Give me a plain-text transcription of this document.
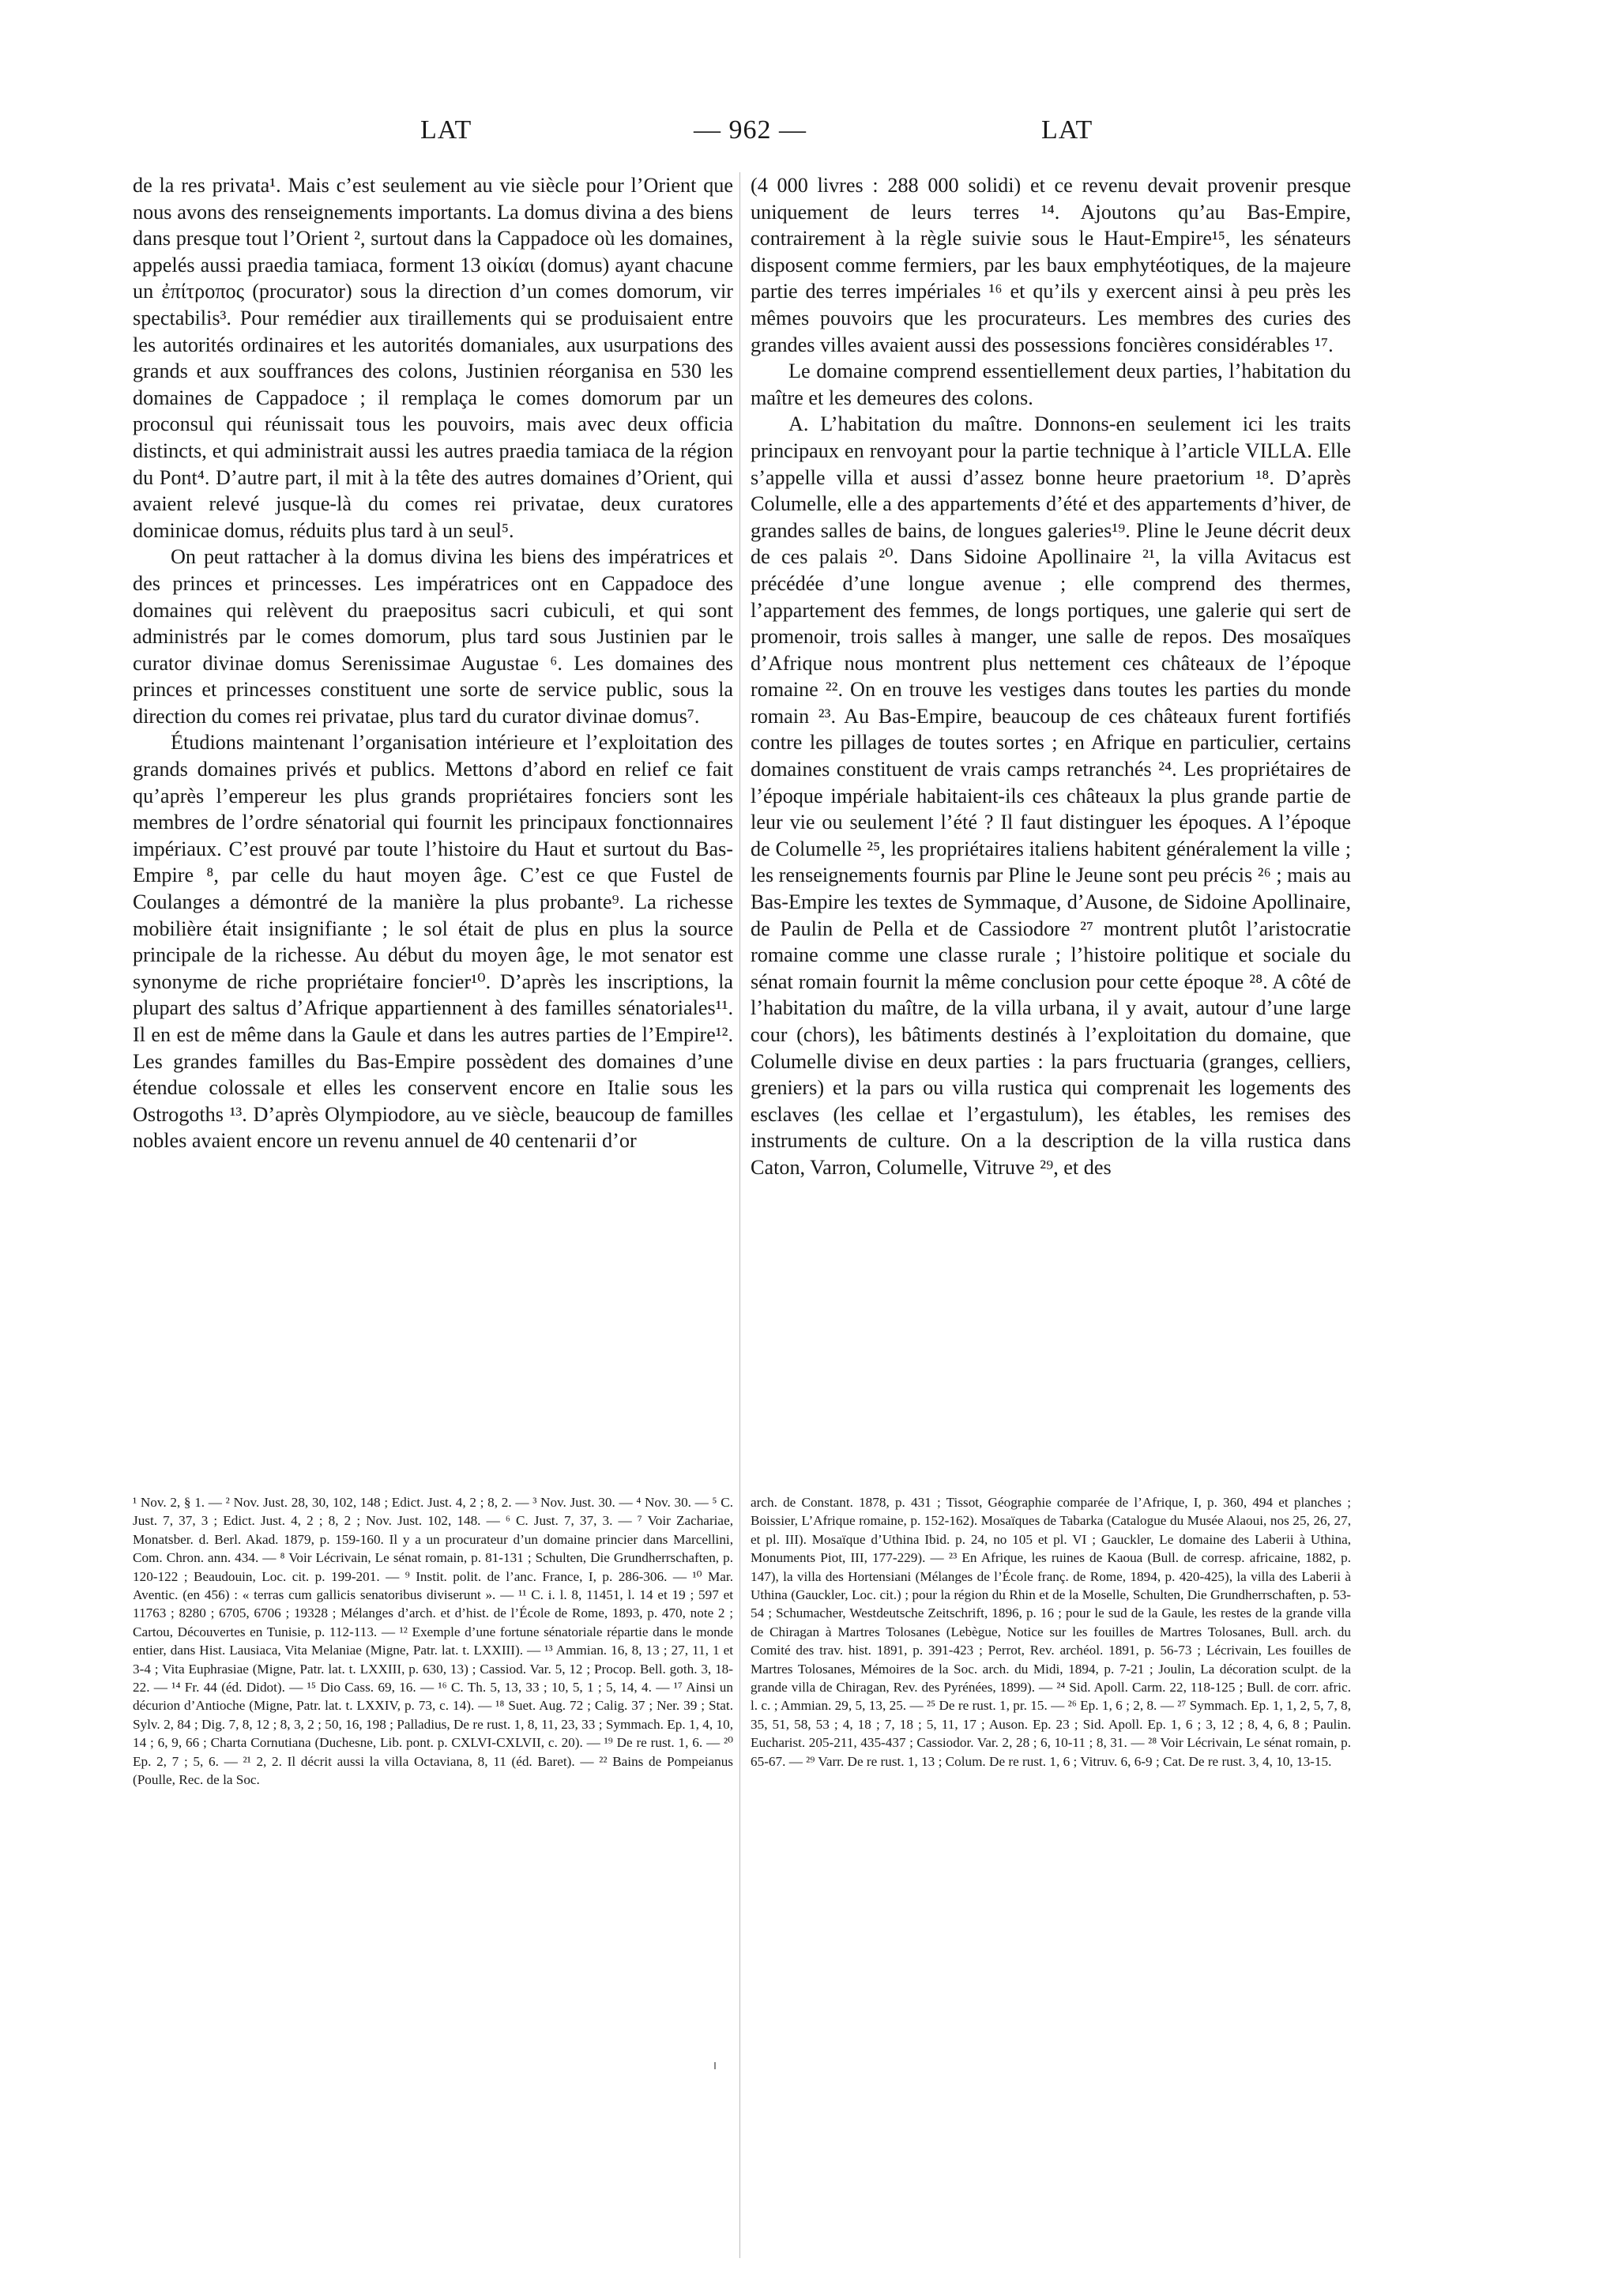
LAT	— 962 —	LAT

de la res privata¹. Mais c’est seulement au vie siècle pour l’Orient que nous avons des renseignements importants. La domus divina a des biens dans presque tout l’Orient ², surtout dans la Cappadoce où les domaines, appelés aussi praedia tamiaca, forment 13 οἰκίαι (domus) ayant chacune un ἐπίτροπος (procurator) sous la direction d’un comes domorum, vir spectabilis³. Pour remédier aux tiraillements qui se produisaient entre les autorités ordinaires et les autorités domaniales, aux usurpations des grands et aux souffrances des colons, Justinien réorganisa en 530 les domaines de Cappadoce ; il remplaça le comes domorum par un proconsul qui réunissait tous les pouvoirs, mais avec deux officia distincts, et qui administrait aussi les autres praedia tamiaca de la région du Pont⁴. D’autre part, il mit à la tête des autres domaines d’Orient, qui avaient relevé jusque-là du comes rei privatae, deux curatores dominicae domus, réduits plus tard à un seul⁵.

On peut rattacher à la domus divina les biens des impératrices et des princes et princesses. Les impératrices ont en Cappadoce des domaines qui relèvent du praepositus sacri cubiculi, et qui sont administrés par le comes domorum, plus tard sous Justinien par le curator divinae domus Serenissimae Augustae ⁶. Les domaines des princes et princesses constituent une sorte de service public, sous la direction du comes rei privatae, plus tard du curator divinae domus⁷.

Étudions maintenant l’organisation intérieure et l’exploitation des grands domaines privés et publics. Mettons d’abord en relief ce fait qu’après l’empereur les plus grands propriétaires fonciers sont les membres de l’ordre sénatorial qui fournit les principaux fonctionnaires impériaux. C’est prouvé par toute l’histoire du Haut et surtout du Bas-Empire ⁸, par celle du haut moyen âge. C’est ce que Fustel de Coulanges a démontré de la manière la plus probante⁹. La richesse mobilière était insignifiante ; le sol était de plus en plus la source principale de la richesse. Au début du moyen âge, le mot senator est synonyme de riche propriétaire foncier¹⁰. D’après les inscriptions, la plupart des saltus d’Afrique appartiennent à des familles sénatoriales¹¹. Il en est de même dans la Gaule et dans les autres parties de l’Empire¹². Les grandes familles du Bas-Empire possèdent des domaines d’une étendue colossale et elles les conservent encore en Italie sous les Ostrogoths ¹³. D’après Olympiodore, au ve siècle, beaucoup de familles nobles avaient encore un revenu annuel de 40 centenarii d’or

(4 000 livres : 288 000 solidi) et ce revenu devait provenir presque uniquement de leurs terres ¹⁴. Ajoutons qu’au Bas-Empire, contrairement à la règle suivie sous le Haut-Empire¹⁵, les sénateurs disposent comme fermiers, par les baux emphytéotiques, de la majeure partie des terres impériales ¹⁶ et qu’ils y exercent ainsi à peu près les mêmes pouvoirs que les procurateurs. Les membres des curies des grandes villes avaient aussi des possessions foncières considérables ¹⁷.

Le domaine comprend essentiellement deux parties, l’habitation du maître et les demeures des colons.

A. L’habitation du maître. Donnons-en seulement ici les traits principaux en renvoyant pour la partie technique à l’article VILLA. Elle s’appelle villa et aussi d’assez bonne heure praetorium ¹⁸. D’après Columelle, elle a des appartements d’été et des appartements d’hiver, de grandes salles de bains, de longues galeries¹⁹. Pline le Jeune décrit deux de ces palais ²⁰. Dans Sidoine Apollinaire ²¹, la villa Avitacus est précédée d’une longue avenue ; elle comprend des thermes, l’appartement des femmes, de longs portiques, une galerie qui sert de promenoir, trois salles à manger, une salle de repos. Des mosaïques d’Afrique nous montrent plus nettement ces châteaux de l’époque romaine ²². On en trouve les vestiges dans toutes les parties du monde romain ²³. Au Bas-Empire, beaucoup de ces châteaux furent fortifiés contre les pillages de toutes sortes ; en Afrique en particulier, certains domaines constituent de vrais camps retranchés ²⁴. Les propriétaires de l’époque impériale habitaient-ils ces châteaux la plus grande partie de leur vie ou seulement l’été ? Il faut distinguer les époques. A l’époque de Columelle ²⁵, les propriétaires italiens habitent généralement la ville ; les renseignements fournis par Pline le Jeune sont peu précis ²⁶ ; mais au Bas-Empire les textes de Symmaque, d’Ausone, de Sidoine Apollinaire, de Paulin de Pella et de Cassiodore ²⁷ montrent plutôt l’aristocratie romaine comme une classe rurale ; l’histoire politique et sociale du sénat romain fournit la même conclusion pour cette époque ²⁸. A côté de l’habitation du maître, de la villa urbana, il y avait, autour d’une large cour (chors), les bâtiments destinés à l’exploitation du domaine, que Columelle divise en deux parties : la pars fructuaria (granges, celliers, greniers) et la pars ou villa rustica qui comprenait les logements des esclaves (les cellae et l’ergastulum), les étables, les remises des instruments de culture. On a la description de la villa rustica dans Caton, Varron, Columelle, Vitruve ²⁹, et des

¹ Nov. 2, § 1. — ² Nov. Just. 28, 30, 102, 148 ; Edict. Just. 4, 2 ; 8, 2. — ³ Nov. Just. 30. — ⁴ Nov. 30. — ⁵ C. Just. 7, 37, 3 ; Edict. Just. 4, 2 ; 8, 2 ; Nov. Just. 102, 148. — ⁶ C. Just. 7, 37, 3. — ⁷ Voir Zachariae, Monatsber. d. Berl. Akad. 1879, p. 159-160. Il y a un procurateur d’un domaine princier dans Marcellini, Com. Chron. ann. 434. — ⁸ Voir Lécrivain, Le sénat romain, p. 81-131 ; Schulten, Die Grundherrschaften, p. 120-122 ; Beaudouin, Loc. cit. p. 199-201. — ⁹ Instit. polit. de l’anc. France, I, p. 286-306. — ¹⁰ Mar. Aventic. (en 456) : « terras cum gallicis senatoribus diviserunt ». — ¹¹ C. i. l. 8, 11451, l. 14 et 19 ; 597 et 11763 ; 8280 ; 6705, 6706 ; 19328 ; Mélanges d’arch. et d’hist. de l’École de Rome, 1893, p. 470, note 2 ; Cartou, Découvertes en Tunisie, p. 112-113. — ¹² Exemple d’une fortune sénatoriale répartie dans le monde entier, dans Hist. Lausiaca, Vita Melaniae (Migne, Patr. lat. t. LXXIII). — ¹³ Ammian. 16, 8, 13 ; 27, 11, 1 et 3-4 ; Vita Euphrasiae (Migne, Patr. lat. t. LXXIII, p. 630, 13) ; Cassiod. Var. 5, 12 ; Procop. Bell. goth. 3, 18-22. — ¹⁴ Fr. 44 (éd. Didot). — ¹⁵ Dio Cass. 69, 16. — ¹⁶ C. Th. 5, 13, 33 ; 10, 5, 1 ; 5, 14, 4. — ¹⁷ Ainsi un décurion d’Antioche (Migne, Patr. lat. t. LXXIV, p. 73, c. 14). — ¹⁸ Suet. Aug. 72 ; Calig. 37 ; Ner. 39 ; Stat. Sylv. 2, 84 ; Dig. 7, 8, 12 ; 8, 3, 2 ; 50, 16, 198 ; Palladius, De re rust. 1, 8, 11, 23, 33 ; Symmach. Ep. 1, 4, 10, 14 ; 6, 9, 66 ; Charta Cornutiana (Duchesne, Lib. pont. p. CXLVI-CXLVII, c. 20). — ¹⁹ De re rust. 1, 6. — ²⁰ Ep. 2, 7 ; 5, 6. — ²¹ 2, 2. Il décrit aussi la villa Octaviana, 8, 11 (éd. Baret). — ²² Bains de Pompeianus (Poulle, Rec. de la Soc.

arch. de Constant. 1878, p. 431 ; Tissot, Géographie comparée de l’Afrique, I, p. 360, 494 et planches ; Boissier, L’Afrique romaine, p. 152-162). Mosaïques de Tabarka (Catalogue du Musée Alaoui, nos 25, 26, 27, et pl. III). Mosaïque d’Uthina Ibid. p. 24, no 105 et pl. VI ; Gauckler, Le domaine des Laberii à Uthina, Monuments Piot, III, 177-229). — ²³ En Afrique, les ruines de Kaoua (Bull. de corresp. africaine, 1882, p. 147), la villa des Hortensiani (Mélanges de l’École franç. de Rome, 1894, p. 420-425), la villa des Laberii à Uthina (Gauckler, Loc. cit.) ; pour la région du Rhin et de la Moselle, Schulten, Die Grundherrschaften, p. 53-54 ; Schumacher, Westdeutsche Zeitschrift, 1896, p. 16 ; pour le sud de la Gaule, les restes de la grande villa de Chiragan à Martres Tolosanes (Lebègue, Notice sur les fouilles de Martres Tolosanes, Bull. arch. du Comité des trav. hist. 1891, p. 391-423 ; Perrot, Rev. archéol. 1891, p. 56-73 ; Lécrivain, Les fouilles de Martres Tolosanes, Mémoires de la Soc. arch. du Midi, 1894, p. 7-21 ; Joulin, La décoration sculpt. de la grande villa de Chiragan, Rev. des Pyrénées, 1899). — ²⁴ Sid. Apoll. Carm. 22, 118-125 ; Bull. de corr. afric. l. c. ; Ammian. 29, 5, 13, 25. — ²⁵ De re rust. 1, pr. 15. — ²⁶ Ep. 1, 6 ; 2, 8. — ²⁷ Symmach. Ep. 1, 1, 2, 5, 7, 8, 35, 51, 58, 53 ; 4, 18 ; 7, 18 ; 5, 11, 17 ; Auson. Ep. 23 ; Sid. Apoll. Ep. 1, 6 ; 3, 12 ; 8, 4, 6, 8 ; Paulin. Eucharist. 205-211, 435-437 ; Cassiodor. Var. 2, 28 ; 6, 10-11 ; 8, 31. — ²⁸ Voir Lécrivain, Le sénat romain, p. 65-67. — ²⁹ Varr. De re rust. 1, 13 ; Colum. De re rust. 1, 6 ; Vitruv. 6, 6-9 ; Cat. De re rust. 3, 4, 10, 13-15.
